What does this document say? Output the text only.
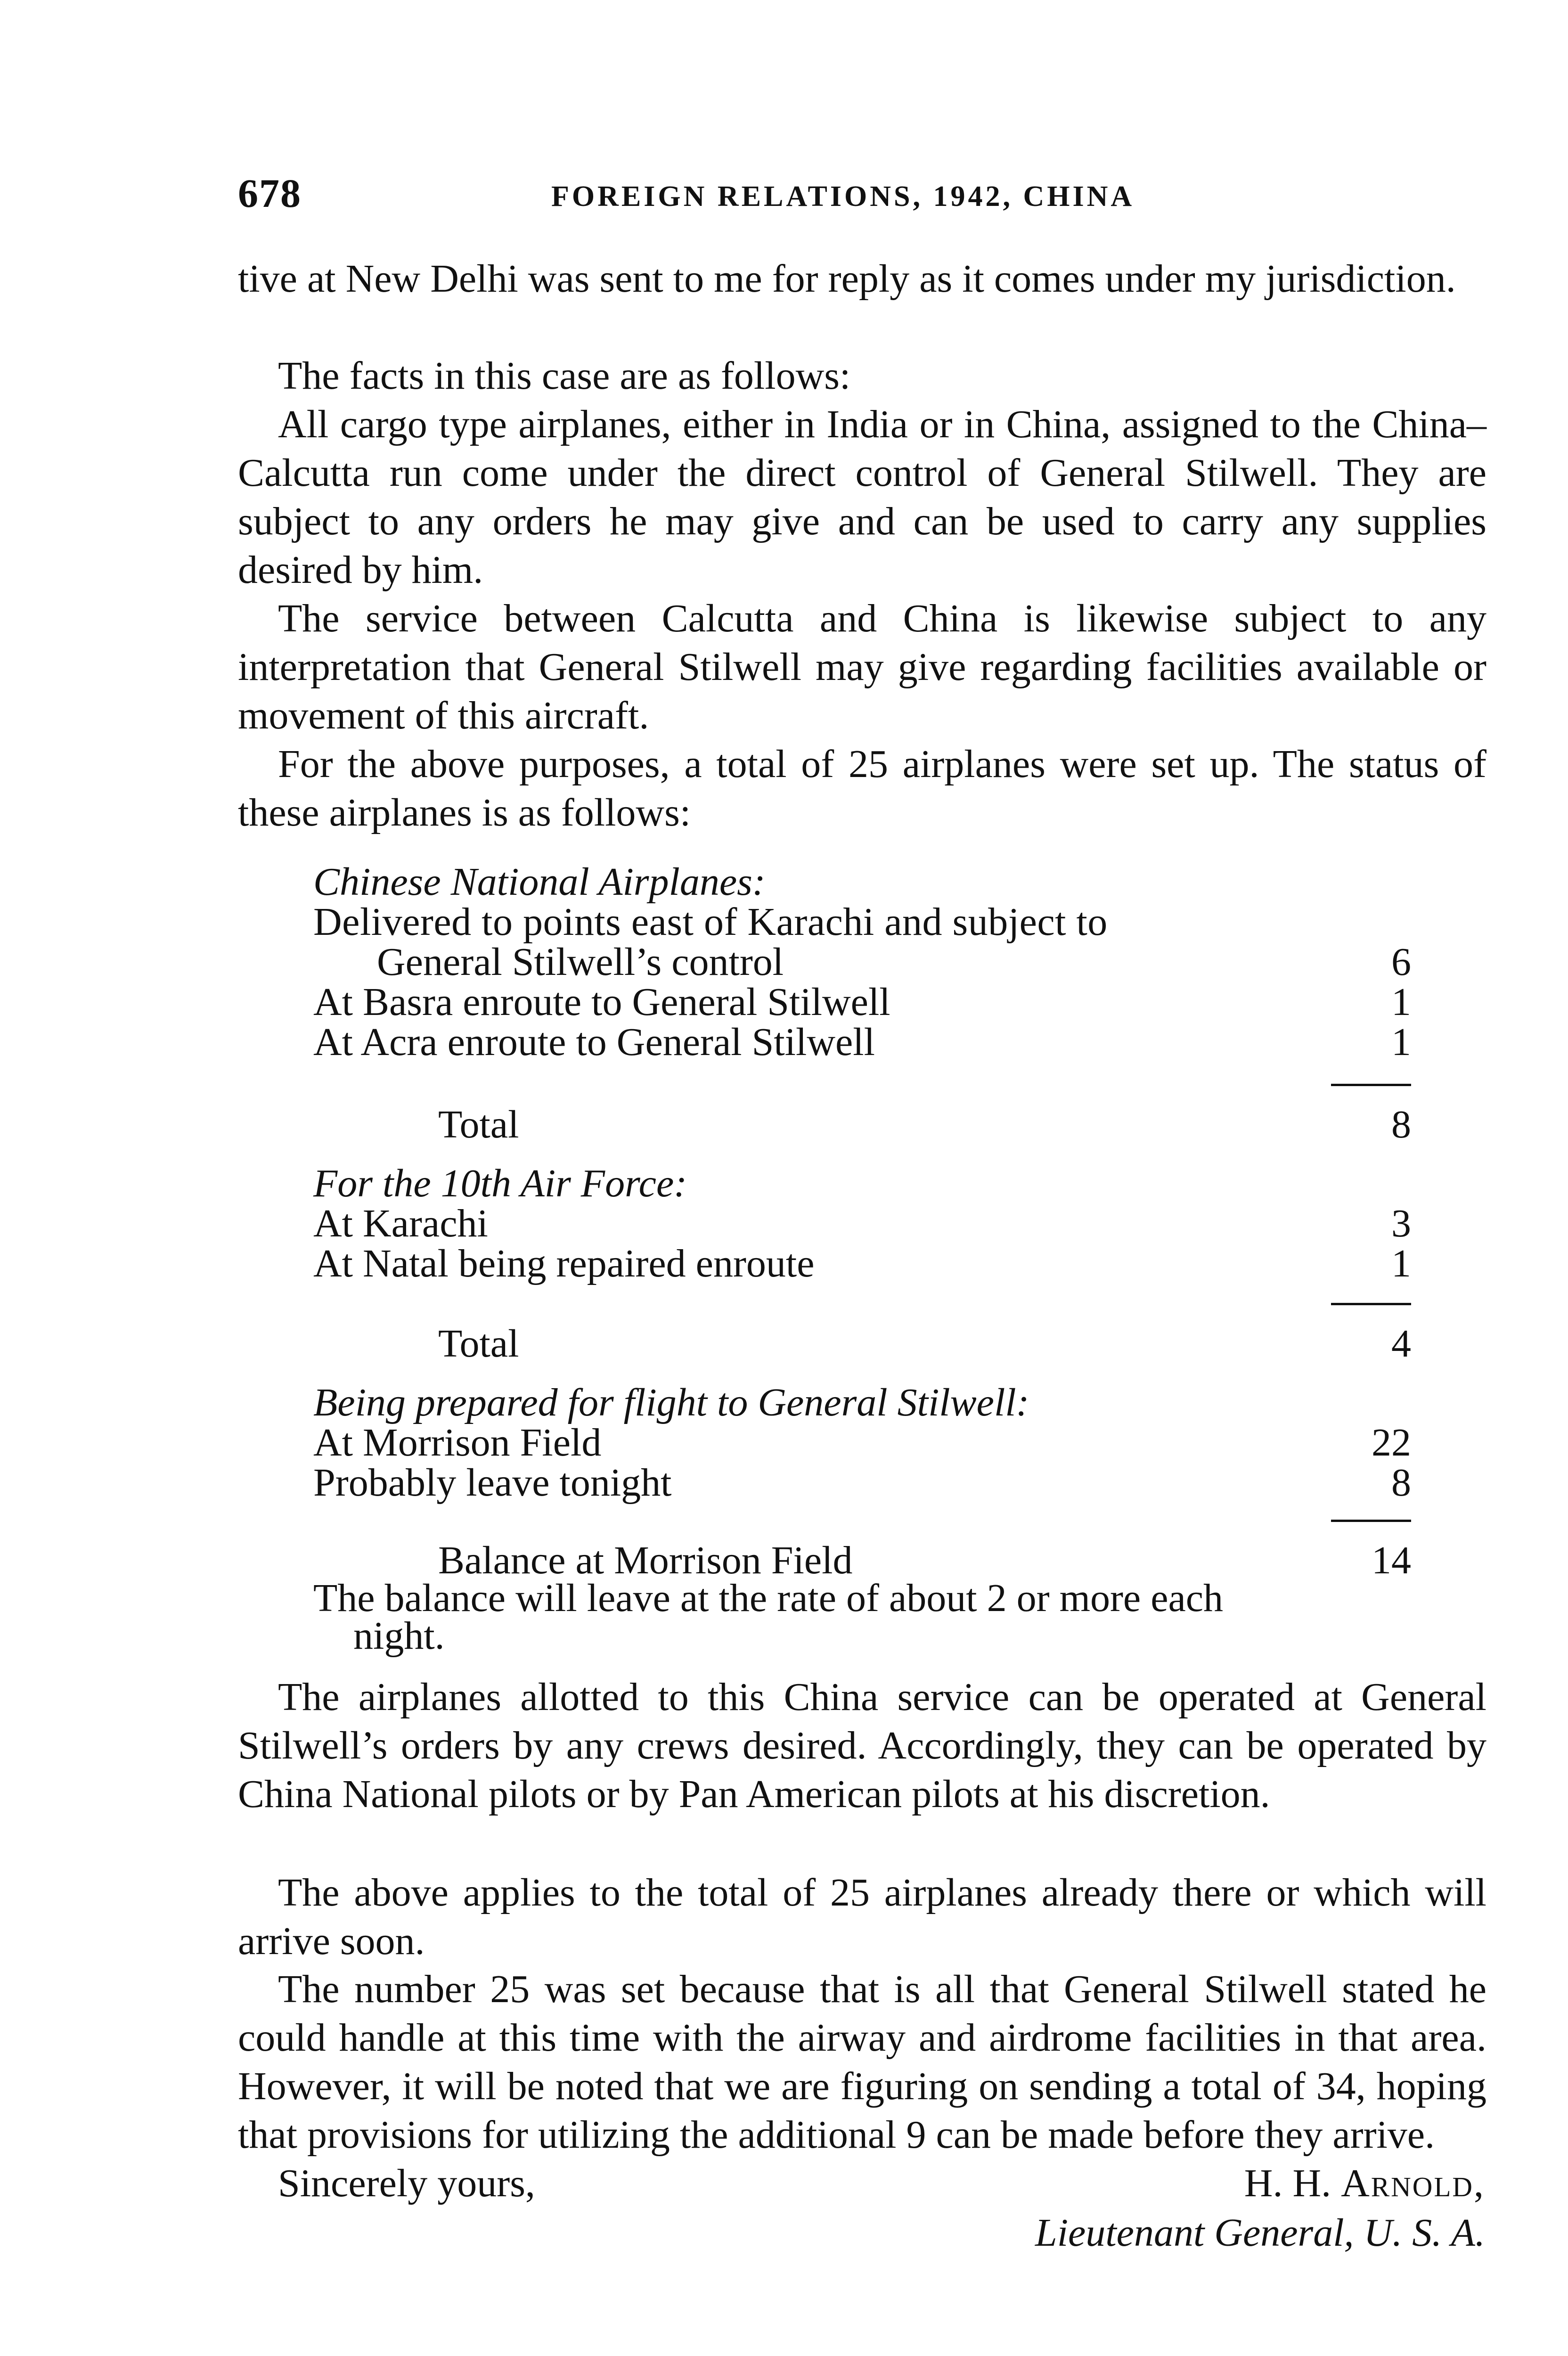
678	FOREIGN RELATIONS, 1942, CHINA

tive at New Delhi was sent to me for reply as it comes under my jurisdiction.

The facts in this case are as follows:

All cargo type airplanes, either in India or in China, assigned to the China–Calcutta run come under the direct control of General Stilwell. They are subject to any orders he may give and can be used to carry any supplies desired by him.

The service between Calcutta and China is likewise subject to any interpretation that General Stilwell may give regarding facilities available or movement of this aircraft.

For the above purposes, a total of 25 airplanes were set up. The status of these airplanes is as follows:

Chinese National Airplanes:
Delivered to points east of Karachi and subject to
General Stilwell’s control	6
At Basra enroute to General Stilwell	1
At Acra enroute to General Stilwell	1
Total	8
For the 10th Air Force:
At Karachi	3
At Natal being repaired enroute	1
Total	4
Being prepared for flight to General Stilwell:
At Morrison Field	22
Probably leave tonight	8
Balance at Morrison Field	14
The balance will leave at the rate of about 2 or more each
night.

The airplanes allotted to this China service can be operated at General Stilwell’s orders by any crews desired. Accordingly, they can be operated by China National pilots or by Pan American pilots at his discretion.

The above applies to the total of 25 airplanes already there or which will arrive soon.

The number 25 was set because that is all that General Stilwell stated he could handle at this time with the airway and airdrome facilities in that area. However, it will be noted that we are figuring on sending a total of 34, hoping that provisions for utilizing the additional 9 can be made before they arrive.

Sincerely yours,	H. H. Arnold,
Lieutenant General, U. S. A.
